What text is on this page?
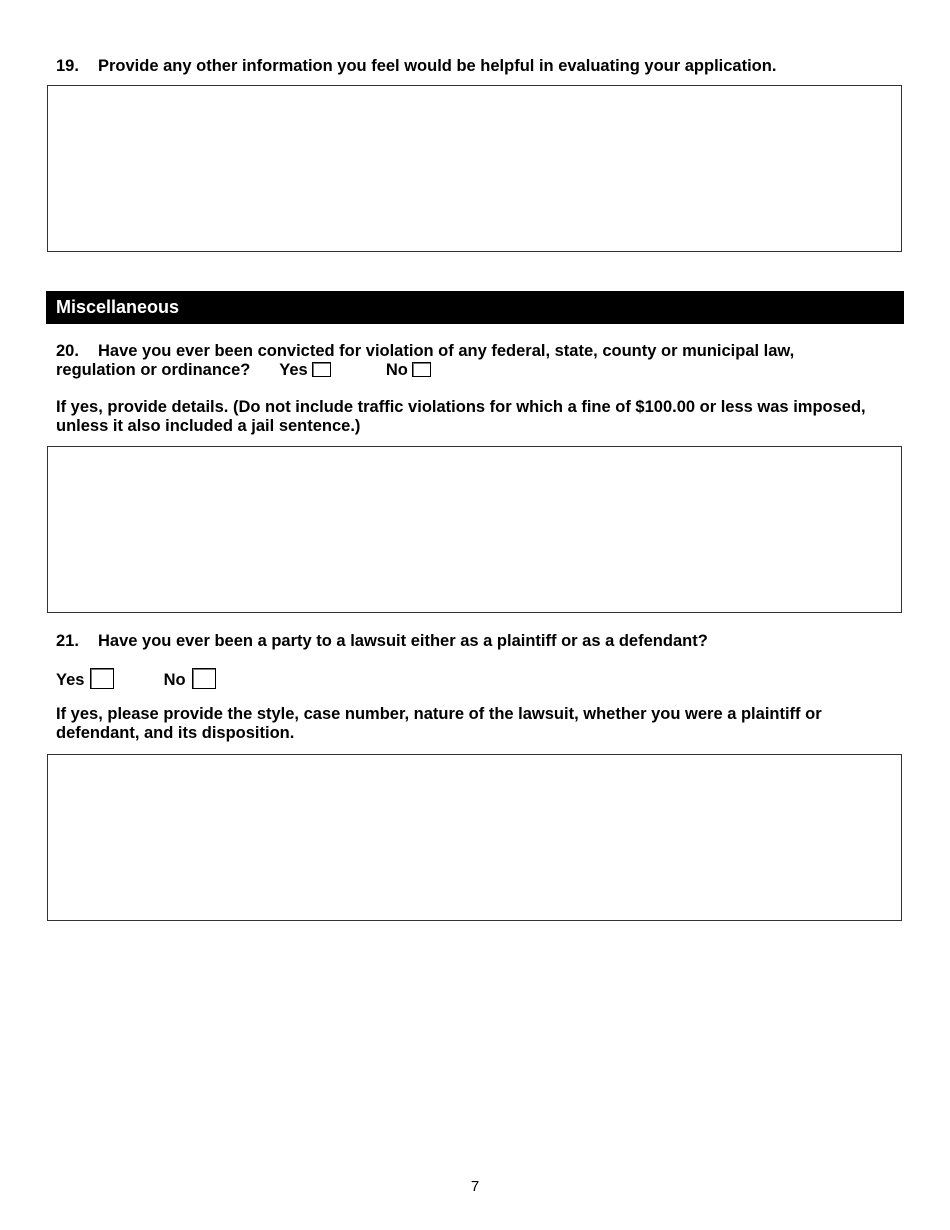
19. Provide any other information you feel would be helpful in evaluating your application.
Miscellaneous
20. Have you ever been convicted for violation of any federal, state, county or municipal law,
regulation or ordinance? Yes	No
If yes, provide details. (Do not include traffic violations for which a fine of $100.00 or less was imposed,
unless it also included a jail sentence.)
21. Have you ever been a party to a lawsuit either as a plaintiff or as a defendant?
Yes	No
If yes, please provide the style, case number, nature of the lawsuit, whether you were a plaintiff or
defendant, and its disposition.
7
